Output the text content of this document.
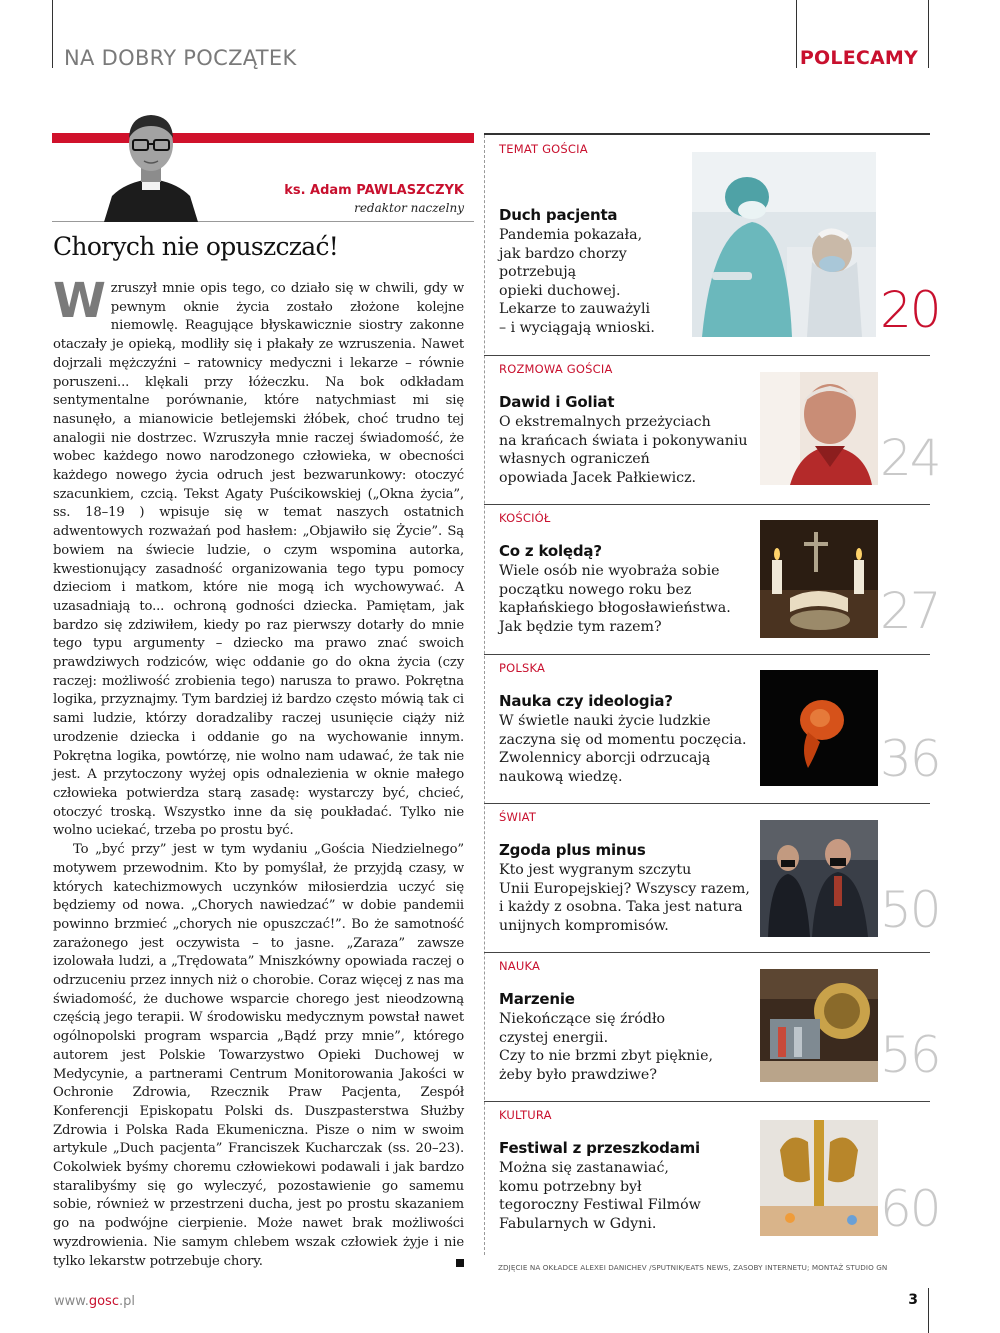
NA DOBRY POCZĄTEK	POLECAMY
ks. Adam PAWLASZCZYK
redaktor naczelny
Chorych nie opuszczać!

Wzruszył mnie opis tego, co działo się w chwili, gdy w pewnym oknie życia zostało złożone kolejne niemowlę. Reagujące błyskawicznie siostry zakonne otaczały je opieką, modliły się i płakały ze wzruszenia. Nawet dojrzali mężczyźni – ratownicy medyczni i lekarze – równie poruszeni... klękali przy łóżeczku. Na bok odkładam sentymentalne porównanie, które natychmiast mi się nasunęło, a mianowicie betlejemski żłóbek, choć trudno tej analogii nie dostrzec. Wzruszyła mnie raczej świadomość, że wobec każdego nowo narodzonego człowieka, w obecności każdego nowego życia odruch jest bezwarunkowy: otoczyć szacunkiem, czcią. Tekst Agaty Puścikowskiej („Okna życia”, ss. 18–19 ) wpisuje się w temat naszych ostatnich adwentowych rozważań pod hasłem: „Objawiło się Życie”. Są bowiem na świecie ludzie, o czym wspomina autorka, kwestionujący zasadność organizowania tego typu pomocy dzieciom i matkom, które nie mogą ich wychowywać. A uzasadniają to... ochroną godności dziecka. Pamiętam, jak bardzo się zdziwiłem, kiedy po raz pierwszy dotarły do mnie tego typu argumenty – dziecko ma prawo znać swoich prawdziwych rodziców, więc oddanie go do okna życia (czy raczej: możliwość zrobienia tego) narusza to prawo. Pokrętna logika, przyznajmy. Tym bardziej iż bardzo często mówią tak ci sami ludzie, którzy doradzaliby raczej usunięcie ciąży niż urodzenie dziecka i oddanie go na wychowanie innym. Pokrętna logika, powtórzę, nie wolno nam udawać, że tak nie jest. A przytoczony wyżej opis odnalezienia w oknie małego człowieka potwierdza starą zasadę: wystarczy być, chcieć, otoczyć troską. Wszystko inne da się poukładać. Tylko nie wolno uciekać, trzeba po prostu być.

To „być przy” jest w tym wydaniu „Gościa Niedzielnego” motywem przewodnim. Kto by pomyślał, że przyjdą czasy, w których katechizmowych uczynków miłosierdzia uczyć się będziemy od nowa. „Chorych nawiedzać” w dobie pandemii powinno brzmieć „chorych nie opuszczać!”. Bo że samotność zarażonego jest oczywista – to jasne. „Zaraza” zawsze izolowała ludzi, a „Trędowata” Mniszkówny opowiada raczej o odrzuceniu przez innych niż o chorobie. Coraz więcej z nas ma świadomość, że duchowe wsparcie chorego jest nieodzowną częścią jego terapii. W środowisku medycznym powstał nawet ogólnopolski program wsparcia „Bądź przy mnie”, którego autorem jest Polskie Towarzystwo Opieki Duchowej w Medycynie, a partnerami Centrum Monitorowania Jakości w Ochronie Zdrowia, Rzecznik Praw Pacjenta, Zespół Konferencji Episkopatu Polski ds. Duszpasterstwa Służby Zdrowia i Polska Rada Ekumeniczna. Pisze o nim w swoim artykule „Duch pacjenta” Franciszek Kucharczak (ss. 20–23). Cokolwiek byśmy choremu człowiekowi podawali i jak bardzo staralibyśmy się go wyleczyć, pozostawienie go samemu sobie, również w przestrzeni ducha, jest po prostu skazaniem go na podwójne cierpienie. Może nawet brak możliwości wyzdrowienia. Nie samym chlebem wszak człowiek żyje i nie tylko lekarstw potrzebuje chory.

TEMAT GOŚCIA
Duch pacjenta
Pandemia pokazała,
jak bardzo chorzy
potrzebują
opieki duchowej.
Lekarze to zauważyli
– i wyciągają wnioski.	20
ROZMOWA GOŚCIA
Dawid i Goliat
O ekstremalnych przeżyciach
na krańcach świata i pokonywaniu
własnych ograniczeń
opowiada Jacek Pałkiewicz.	24
KOŚCIÓŁ
Co z kolędą?
Wiele osób nie wyobraża sobie
początku nowego roku bez
kapłańskiego błogosławieństwa.
Jak będzie tym razem?	27
POLSKA
Nauka czy ideologia?
W świetle nauki życie ludzkie
zaczyna się od momentu poczęcia.
Zwolennicy aborcji odrzucają
naukową wiedzę.	36
ŚWIAT
Zgoda plus minus
Kto jest wygranym szczytu
Unii Europejskiej? Wszyscy razem,
i każdy z osobna. Taka jest natura
unijnych kompromisów.	50
NAUKA
Marzenie
Niekończące się źródło
czystej energii.
Czy to nie brzmi zbyt pięknie,
żeby było prawdziwe?	56
KULTURA
Festiwal z przeszkodami
Można się zastanawiać,
komu potrzebny był
tegoroczny Festiwal Filmów
Fabularnych w Gdyni.	60
ZDJĘCIE NA OKŁADCE ALEXEI DANICHEV /SPUTNIK/EATS NEWS, ZASOBY INTERNETU; MONTAŻ STUDIO GN
www.gosc.pl	3
